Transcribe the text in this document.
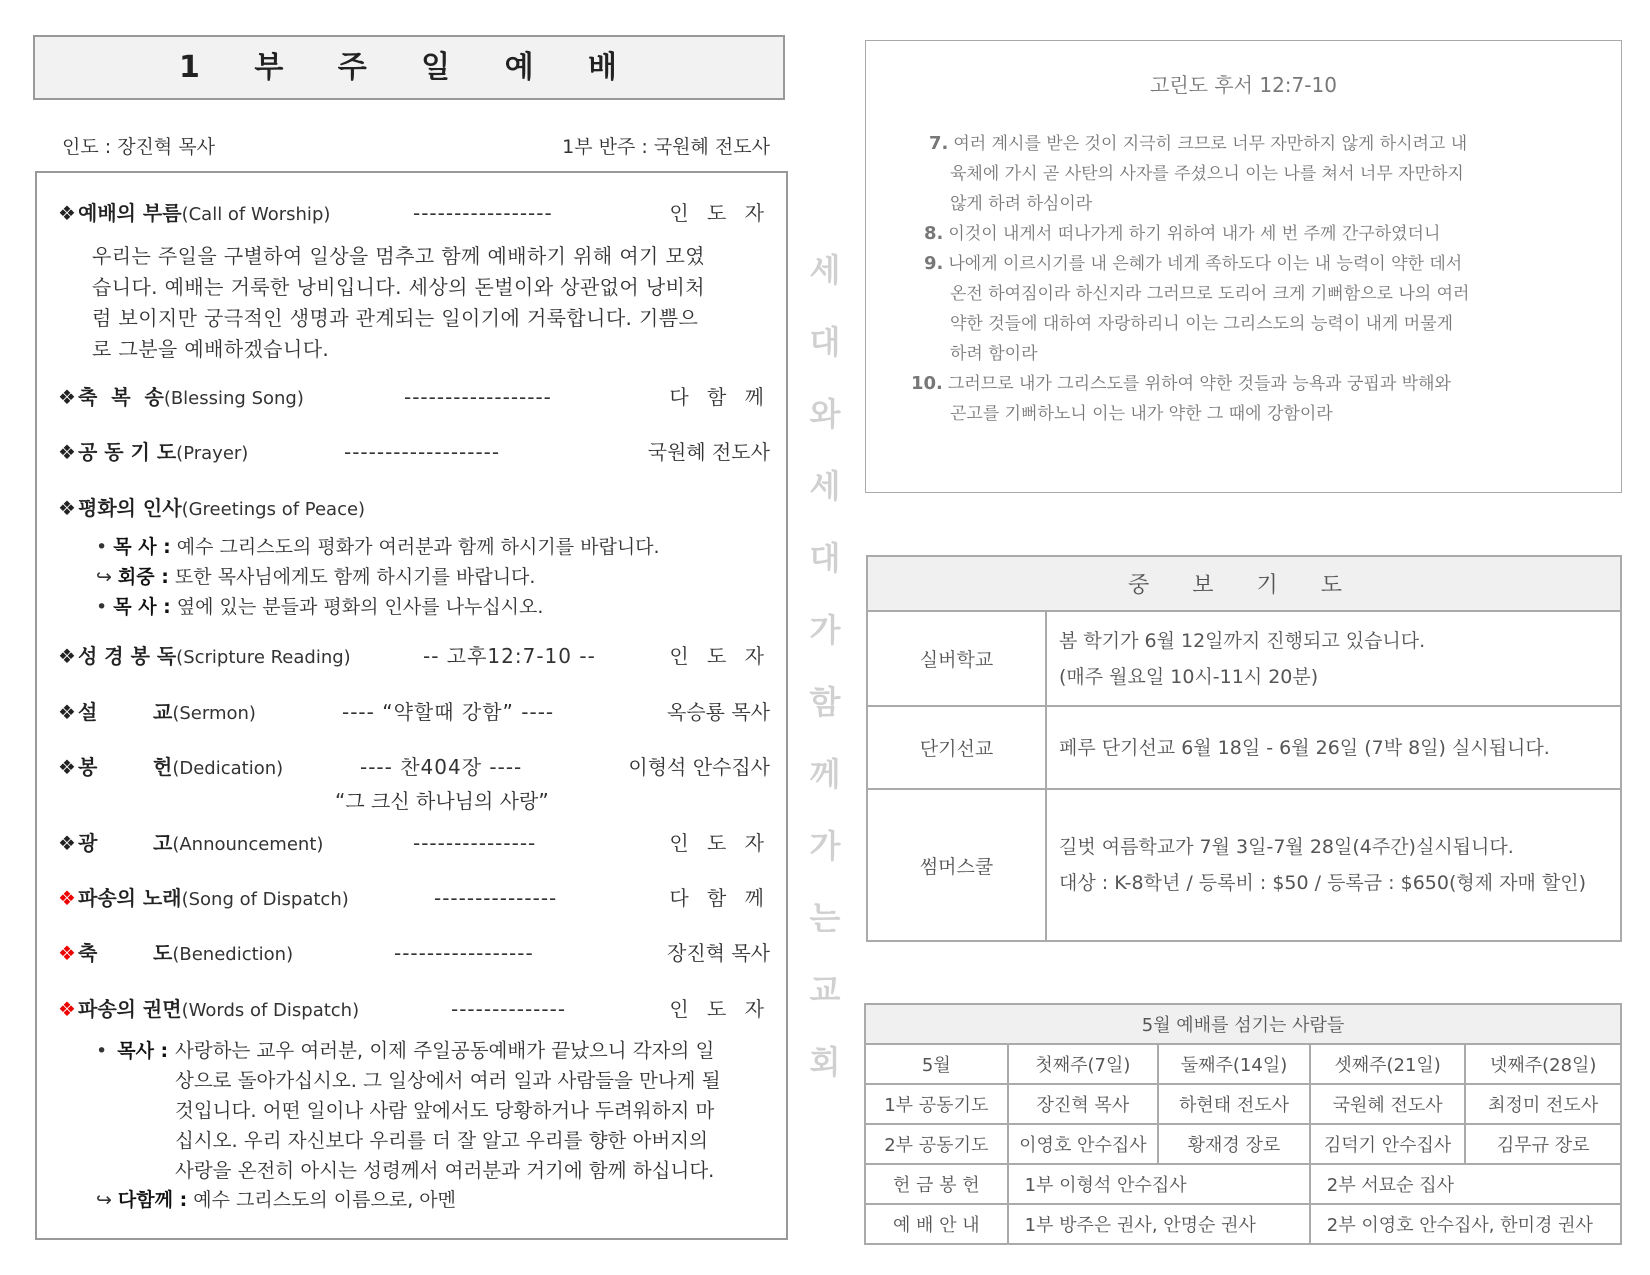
1 부 주 일 예 배
인도 : 장진혁 목사	1부 반주 : 국원혜 전도사
❖ 예배의 부름(Call of Worship)	-----------------	인 도 자
❖ 축  복  송(Blessing Song)	------------------	다 함 께
❖ 공 동 기 도(Prayer)	-------------------	국원혜 전도사
❖ 평화의 인사(Greetings of Peace)
❖ 성 경 봉 독(Scripture Reading)	-- 고후12:7-10 --	인 도 자
❖ 설        교(Sermon)	---- “약할때 강함” ----	옥승룡 목사
❖ 봉        헌(Dedication)	---- 찬404장 ----	이형석 안수집사
❖ 광        고(Announcement)	---------------	인 도 자
❖ 파송의 노래(Song of Dispatch)	---------------	다 함 께
❖ 축        도(Benediction)	-----------------	장진혁 목사
❖ 파송의 권면(Words of Dispatch)	--------------	인 도 자
우리는 주일을 구별하여 일상을 멈추고 함께 예배하기 위해 여기 모였
습니다. 예배는 거룩한 낭비입니다. 세상의 돈벌이와 상관없어 낭비처
럼 보이지만 궁극적인 생명과 관계되는 일이기에 거룩합니다. 기쁨으
로 그분을 예배하겠습니다.
• 목 사 : 예수 그리스도의 평화가 여러분과 함께 하시기를 바랍니다.
↪ 회중 : 또한 목사님에게도 함께 하시기를 바랍니다.
• 목 사 : 옆에 있는 분들과 평화의 인사를 나누십시오.
“그 크신 하나님의 사랑”
• 목사 : 사랑하는 교우 여러분, 이제 주일공동예배가 끝났으니 각자의 일
상으로 돌아가십시오. 그 일상에서 여러 일과 사람들을 만나게 될
것입니다. 어떤 일이나 사람 앞에서도 당황하거나 두려워하지 마
십시오. 우리 자신보다 우리를 더 잘 알고 우리를 향한 아버지의
사랑을 온전히 아시는 성령께서 여러분과 거기에 함께 하십니다.
↪ 다함께 : 예수 그리스도의 이름으로, 아멘
세
대
와
세
대
가
함
께
가
는
교
회
고린도 후서 12:7-10
7. 여러 계시를 받은 것이 지극히 크므로 너무 자만하지 않게 하시려고 내
육체에 가시 곧 사탄의 사자를 주셨으니 이는 나를 쳐서 너무 자만하지
않게 하려 하심이라
8. 이것이 내게서 떠나가게 하기 위하여 내가 세 번 주께 간구하였더니
9. 나에게 이르시기를 내 은혜가 네게 족하도다 이는 내 능력이 약한 데서
온전 하여짐이라 하신지라 그러므로 도리어 크게 기뻐함으로 나의 여러
약한 것들에 대하여 자랑하리니 이는 그리스도의 능력이 내게 머물게
하려 함이라
10. 그러므로 내가 그리스도를 위하여 약한 것들과 능욕과 궁핍과 박해와
곤고를 기뻐하노니 이는 내가 약한 그 때에 강함이라
중 보 기 도	
실버학교	봄 학기가 6월 12일까지 진행되고 있습니다.
(매주 월요일 10시-11시 20분)

단기선교	페루 단기선교 6월 18일 - 6월 26일 (7박 8일) 실시됩니다.

썸머스쿨	길벗 여름학교가 7월 3일-7월 28일(4주간)실시됩니다.
대상 : K-8학년 / 등록비 : $50 / 등록금 : $650(형제 자매 할인)
5월 예배를 섬기는 사람들				
5월	첫째주(7일)	둘째주(14일)	셋째주(21일)	넷째주(28일)
1부 공동기도	장진혁 목사	하현태 전도사	국원혜 전도사	최정미 전도사
2부 공동기도	이영호 안수집사	황재경 장로	김덕기 안수집사	김무규 장로
헌 금 봉 헌	1부 이형석 안수집사		2부 서묘순 집사	
예 배 안 내	1부 방주은 권사, 안명순 권사		2부 이영호 안수집사, 한미경 권사	
